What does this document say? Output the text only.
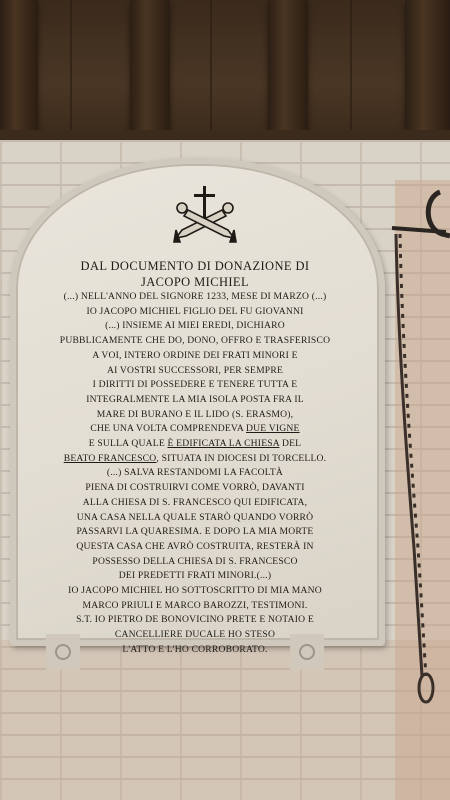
DAL DOCUMENTO DI DONAZIONE DI

JACOPO MICHIEL

(...) NELL'ANNO DEL SIGNORE 1233, MESE DI MARZO (...)

IO JACOPO MICHIEL FIGLIO DEL FU GIOVANNI

(...) INSIEME AI MIEI EREDI, DICHIARO

PUBBLICAMENTE CHE DO, DONO, OFFRO E TRASFERISCO

A VOI, INTERO ORDINE DEI FRATI MINORI E

AI VOSTRI SUCCESSORI, PER SEMPRE

I DIRITTI DI POSSEDERE E TENERE TUTTA E

INTEGRALMENTE LA MIA ISOLA POSTA FRA IL

MARE DI BURANO E IL LIDO (S. ERASMO),

CHE UNA VOLTA COMPRENDEVA DUE VIGNE

E SULLA QUALE È EDIFICATA LA CHIESA DEL

BEATO FRANCESCO, SITUATA IN DIOCESI DI TORCELLO.

(...) SALVA RESTANDOMI LA FACOLTÀ

PIENA DI COSTRUIRVI COME VORRÒ, DAVANTI

ALLA CHIESA DI S. FRANCESCO QUI EDIFICATA,

UNA CASA NELLA QUALE STARÒ QUANDO VORRÒ

PASSARVI LA QUARESIMA. E DOPO LA MIA MORTE

QUESTA CASA CHE AVRÒ COSTRUITA, RESTERÀ IN

POSSESSO DELLA CHIESA DI S. FRANCESCO

DEI PREDETTI FRATI MINORI.(...)

IO JACOPO MICHIEL HO SOTTOSCRITTO DI MIA MANO

MARCO PRIULI E MARCO BAROZZI, TESTIMONI.

S.T. IO PIETRO DE BONOVICINO PRETE E NOTAIO E

CANCELLIERE DUCALE HO STESO

L'ATTO E L'HO CORROBORATO.
